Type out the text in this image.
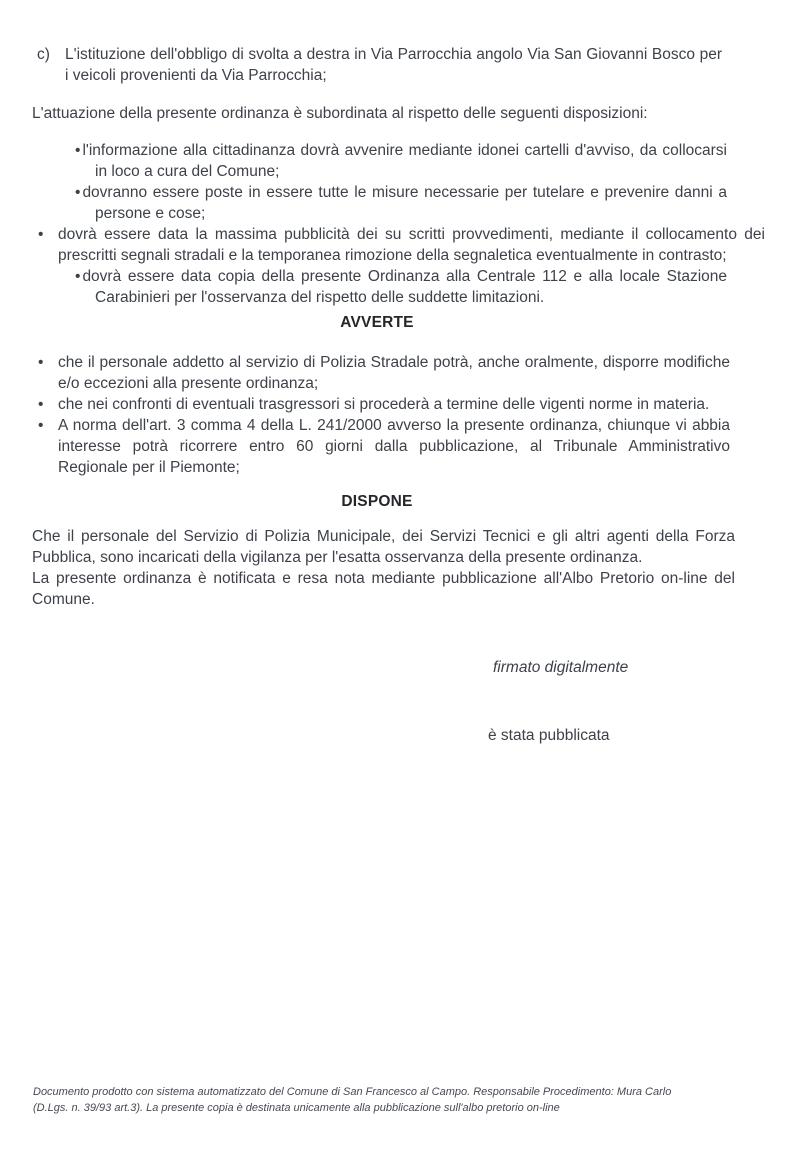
c) L'istituzione dell'obbligo di svolta a destra in Via Parrocchia angolo Via San Giovanni Bosco per i veicoli provenienti da Via Parrocchia;
L'attuazione della presente ordinanza è subordinata al rispetto delle seguenti disposizioni:
• l'informazione alla cittadinanza dovrà avvenire mediante idonei cartelli d'avviso, da collocarsi in loco a cura del Comune;
• dovranno essere poste in essere tutte le misure necessarie per tutelare e prevenire danni a persone e cose;
• dovrà essere data la massima pubblicità dei su scritti provvedimenti, mediante il collocamento dei prescritti segnali stradali e la temporanea rimozione della segnaletica eventualmente in contrasto;
• dovrà essere data copia della presente Ordinanza alla Centrale 112 e alla locale Stazione Carabinieri per l'osservanza del rispetto delle suddette limitazioni.
AVVERTE
• che il personale addetto al servizio di Polizia Stradale potrà, anche oralmente, disporre modifiche e/o eccezioni alla presente ordinanza;
• che nei confronti di eventuali trasgressori si procederà a termine delle vigenti norme in materia.
• A norma dell'art. 3 comma 4 della L. 241/2000 avverso la presente ordinanza, chiunque vi abbia interesse potrà ricorrere entro 60 giorni dalla pubblicazione, al Tribunale Amministrativo Regionale per il Piemonte;
DISPONE
Che il personale del Servizio di Polizia Municipale, dei Servizi Tecnici e gli altri agenti della Forza Pubblica, sono incaricati della vigilanza per l'esatta osservanza della presente ordinanza.
La presente ordinanza è notificata e resa nota mediante pubblicazione all'Albo Pretorio on-line del Comune.
firmato digitalmente
è stata pubblicata
Documento prodotto con sistema automatizzato del Comune di San Francesco al Campo. Responsabile Procedimento: Mura Carlo
(D.Lgs. n. 39/93 art.3). La presente copia è destinata unicamente alla pubblicazione sull'albo pretorio on-line
